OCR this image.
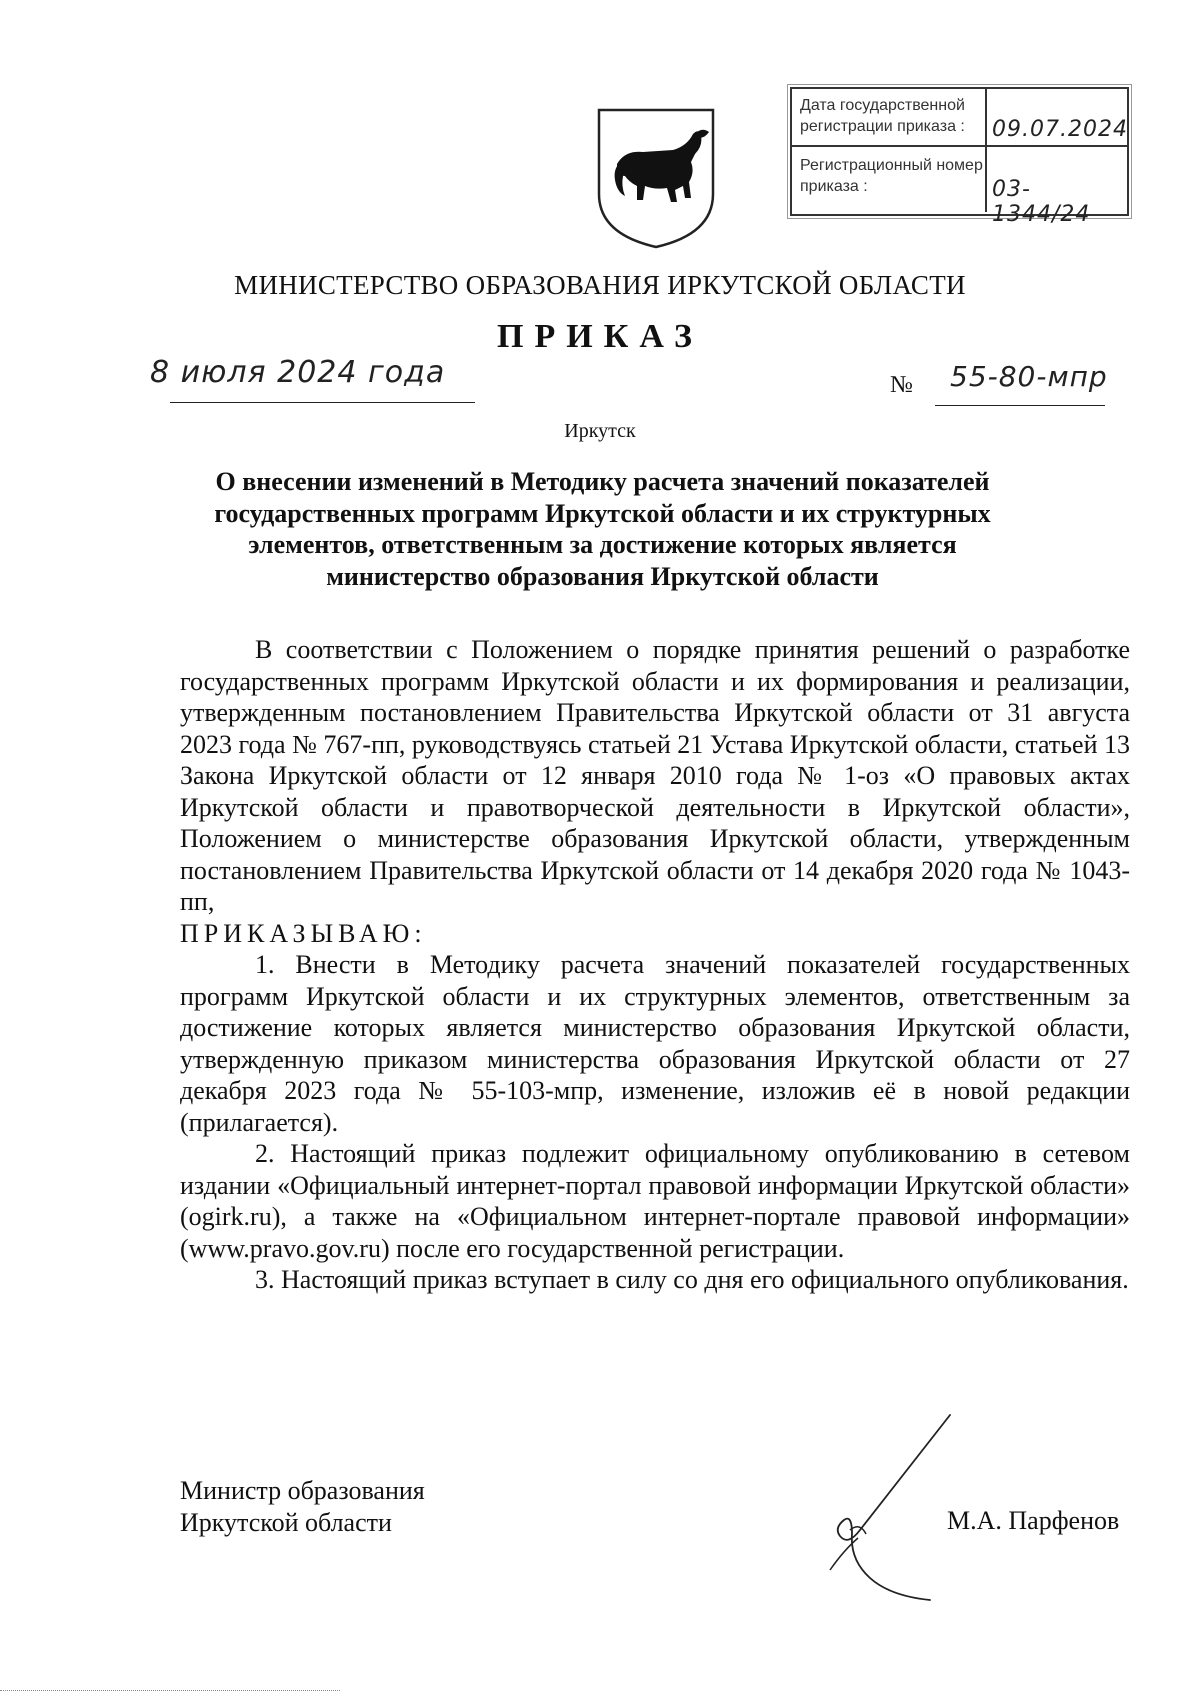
Дата государственной регистрации приказа :	09.07.2024
Регистрационный номер приказа :	03-1344/24
МИНИСТЕРСТВО ОБРАЗОВАНИЯ ИРКУТСКОЙ ОБЛАСТИ
ПРИКАЗ
8 июля 2024 года	№ 55-80-мпр
Иркутск
О внесении изменений в Методику расчета значений показателей государственных программ Иркутской области и их структурных элементов, ответственным за достижение которых является министерство образования Иркутской области

В соответствии с Положением о порядке принятия решений о разработке государственных программ Иркутской области и их формирования и реализации, утвержденным постановлением Правительства Иркутской области от 31 августа 2023 года № 767-пп, руководствуясь статьей 21 Устава Иркутской области, статьей 13 Закона Иркутской области от 12 января 2010 года № 1-оз «О правовых актах Иркутской области и правотворческой деятельности в Иркутской области», Положением о министерстве образования Иркутской области, утвержденным постановлением Правительства Иркутской области от 14 декабря 2020 года № 1043-пп,

ПРИКАЗЫВАЮ:

1. Внести в Методику расчета значений показателей государственных программ Иркутской области и их структурных элементов, ответственным за достижение которых является министерство образования Иркутской области, утвержденную приказом министерства образования Иркутской области от 27 декабря 2023 года № 55-103-мпр, изменение, изложив её в новой редакции (прилагается).

2. Настоящий приказ подлежит официальному опубликованию в сетевом издании «Официальный интернет-портал правовой информации Иркутской области» (ogirk.ru), а также на «Официальном интернет-портале правовой информации» (www.pravo.gov.ru) после его государственной регистрации.

3. Настоящий приказ вступает в силу со дня его официального опубликования.

Министр образования
Иркутской области	М.А. Парфенов
